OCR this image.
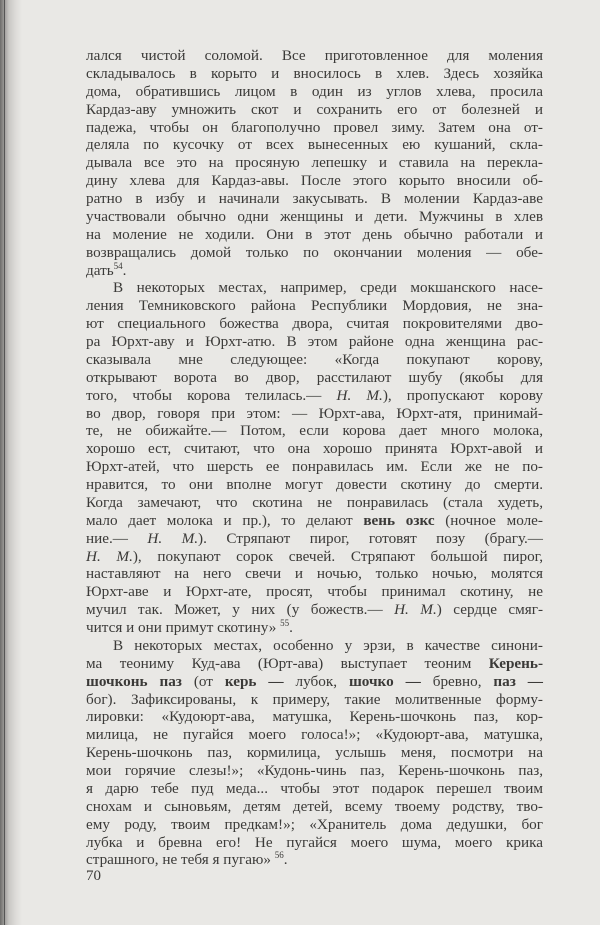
лался чистой соломой. Все приготовленное для моления
складывалось в корыто и вносилось в хлев. Здесь хозяйка
дома, обратившись лицом в один из углов хлева, просила
Кардаз-аву умножить скот и сохранить его от болезней и
падежа, чтобы он благополучно провел зиму. Затем она от-
деляла по кусочку от всех вынесенных ею кушаний, скла-
дывала все это на просяную лепешку и ставила на перекла-
дину хлева для Кардаз-авы. После этого корыто вносили об-
ратно в избу и начинали закусывать. В молении Кардаз-аве
участвовали обычно одни женщины и дети. Мужчины в хлев
на моление не ходили. Они в этот день обычно работали и
возвращались домой только по окончании моления — обе-
дать$^{54}$.
В некоторых местах, например, среди мокшанского насе-
ления Темниковского района Республики Мордовия, не зна-
ют специального божества двора, считая покровителями дво-
ра Юрхт-аву и Юрхт-атю. В этом районе одна женщина рас-
сказывала мне следующее: «Когда покупают корову,
открывают ворота во двор, расстилают шубу (якобы для
того, чтобы корова телилась.— Н. М.), пропускают корову
во двор, говоря при этом: — Юрхт-ава, Юрхт-атя, принимай-
те, не обижайте.— Потом, если корова дает много молока,
хорошо ест, считают, что она хорошо принята Юрхт-авой и
Юрхт-атей, что шерсть ее понравилась им. Если же не по-
нравится, то они вполне могут довести скотину до смерти.
Когда замечают, что скотина не понравилась (стала худеть,
мало дает молока и пр.), то делают вень озкс (ночное моле-
ние.— Н. М.). Стряпают пирог, готовят позу (брагу.—
Н. М.), покупают сорок свечей. Стряпают большой пирог,
наставляют на него свечи и ночью, только ночью, молятся
Юрхт-аве и Юрхт-ате, просят, чтобы принимал скотину, не
мучил так. Может, у них (у божеств.— Н. М.) сердце смяг-
чится и они примут скотину» $^{55}$.
В некоторых местах, особенно у эрзи, в качестве синони-
ма теониму Куд-ава (Юрт-ава) выступает теоним Керень-
шочконь паз (от керь — лубок, шочко — бревно, паз —
бог). Зафиксированы, к примеру, такие молитвенные форму-
лировки: «Кудоюрт-ава, матушка, Керень-шочконь паз, кор-
милица, не пугайся моего голоса!»; «Кудоюрт-ава, матушка,
Керень-шочконь паз, кормилица, услышь меня, посмотри на
мои горячие слезы!»; «Кудонь-чинь паз, Керень-шочконь паз,
я дарю тебе пуд меда... чтобы этот подарок перешел твоим
снохам и сыновьям, детям детей, всему твоему родству, тво-
ему роду, твоим предкам!»; «Хранитель дома дедушки, бог
лубка и бревна его! Не пугайся моего шума, моего крика
страшного, не тебя я пугаю» $^{56}$.
70
